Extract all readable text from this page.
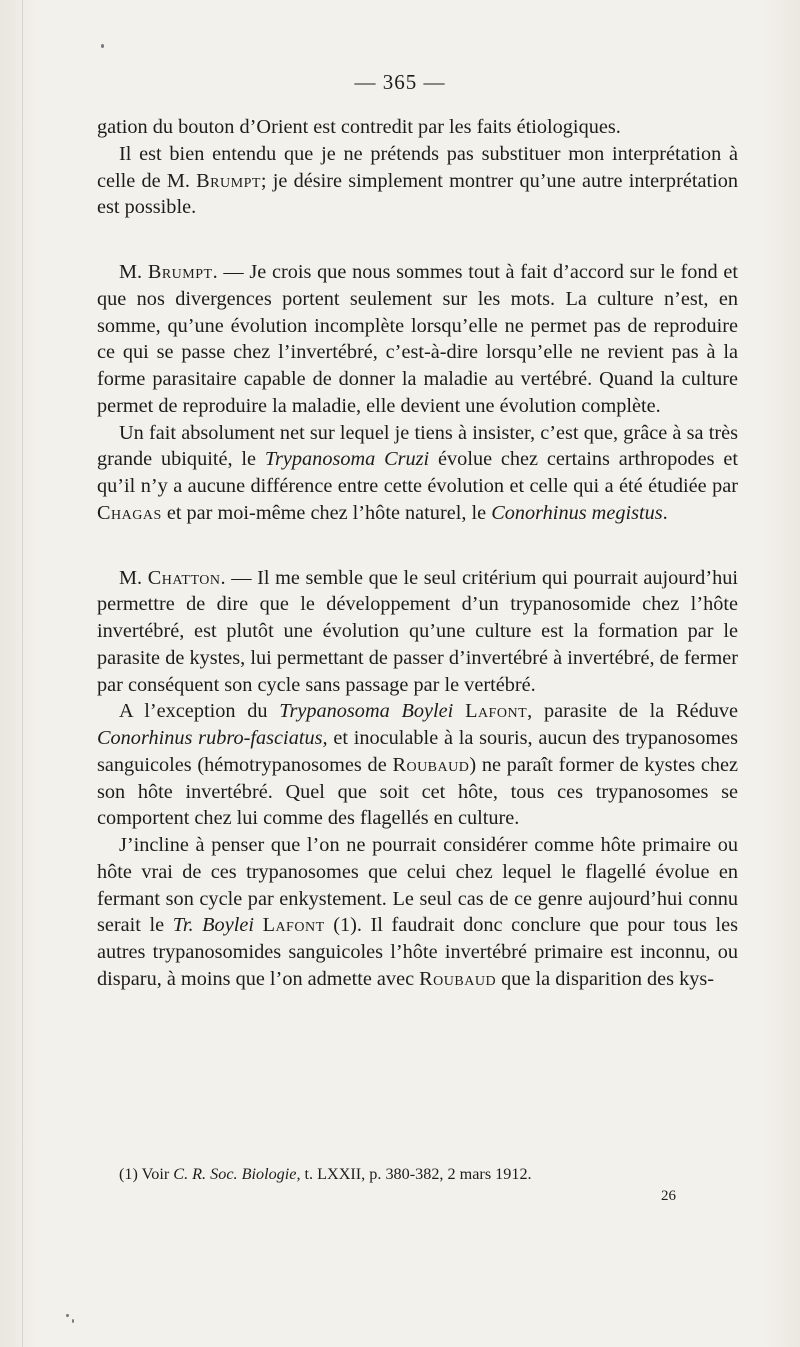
— 365 —

gation du bouton d’Orient est contredit par les faits étiologiques.

Il est bien entendu que je ne prétends pas substituer mon interprétation à celle de M. Brumpt; je désire simplement montrer qu’une autre interprétation est possible.

M. Brumpt. — Je crois que nous sommes tout à fait d’accord sur le fond et que nos divergences portent seulement sur les mots. La culture n’est, en somme, qu’une évolution incomplète lorsqu’elle ne permet pas de reproduire ce qui se passe chez l’invertébré, c’est-à-dire lorsqu’elle ne revient pas à la forme parasitaire capable de donner la maladie au vertébré. Quand la culture permet de reproduire la maladie, elle devient une évolution complète.

Un fait absolument net sur lequel je tiens à insister, c’est que, grâce à sa très grande ubiquité, le Trypanosoma Cruzi évolue chez certains arthropodes et qu’il n’y a aucune différence entre cette évolution et celle qui a été étudiée par Chagas et par moi-même chez l’hôte naturel, le Conorhinus megistus.

M. Chatton. — Il me semble que le seul critérium qui pourrait aujourd’hui permettre de dire que le développement d’un trypanosomide chez l’hôte invertébré, est plutôt une évolution qu’une culture est la formation par le parasite de kystes, lui permettant de passer d’invertébré à invertébré, de fermer par conséquent son cycle sans passage par le vertébré.

A l’exception du Trypanosoma Boylei Lafont, parasite de la Réduve Conorhinus rubro-fasciatus, et inoculable à la souris, aucun des trypanosomes sanguicoles (hémotrypanosomes de Roubaud) ne paraît former de kystes chez son hôte invertébré. Quel que soit cet hôte, tous ces trypanosomes se comportent chez lui comme des flagellés en culture.

J’incline à penser que l’on ne pourrait considérer comme hôte primaire ou hôte vrai de ces trypanosomes que celui chez lequel le flagellé évolue en fermant son cycle par enkystement. Le seul cas de ce genre aujourd’hui connu serait le Tr. Boylei Lafont (1). Il faudrait donc conclure que pour tous les autres trypanosomides sanguicoles l’hôte invertébré primaire est inconnu, ou disparu, à moins que l’on admette avec Roubaud que la disparition des kys-

(1) Voir C. R. Soc. Biologie, t. LXXII, p. 380-382, 2 mars 1912.
26
